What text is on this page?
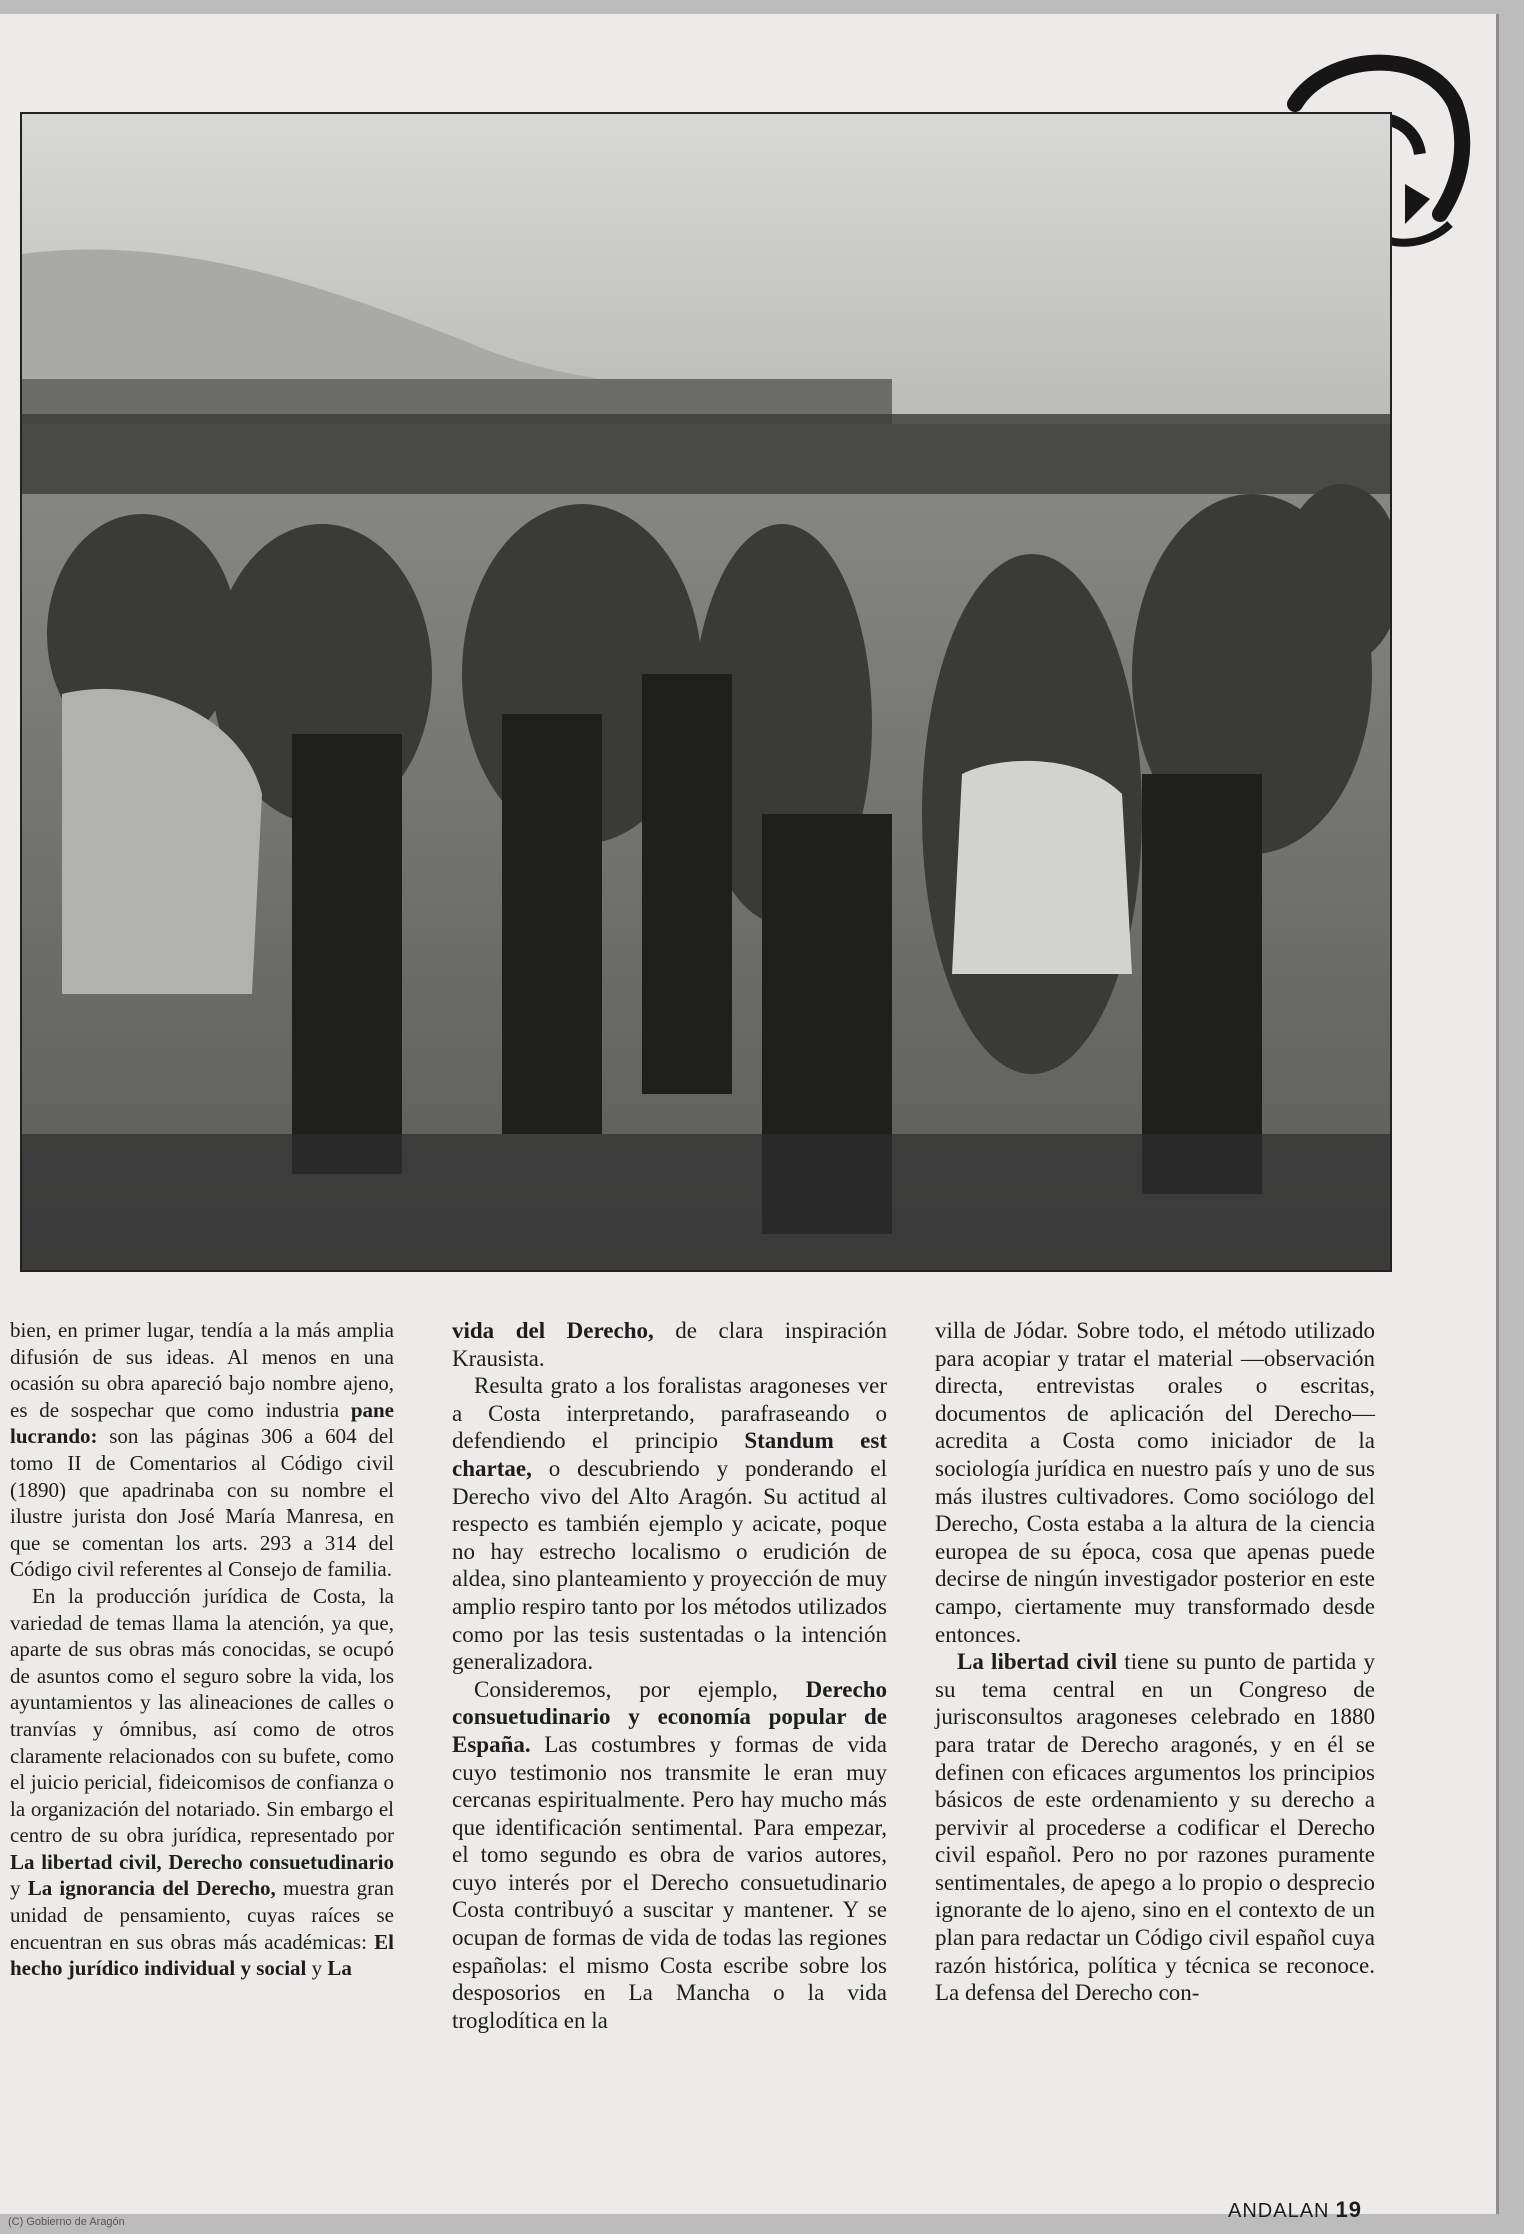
bien, en primer lugar, tendía a la más amplia difusión de sus ideas. Al menos en una ocasión su obra apareció bajo nombre ajeno, es de sospechar que como industria pane lucrando: son las páginas 306 a 604 del tomo II de Comentarios al Código civil (1890) que apadrinaba con su nombre el ilustre jurista don José María Manresa, en que se comentan los arts. 293 a 314 del Código civil referentes al Consejo de familia.

En la producción jurídica de Costa, la variedad de temas llama la atención, ya que, aparte de sus obras más conocidas, se ocupó de asuntos como el seguro sobre la vida, los ayuntamientos y las alineaciones de calles o tranvías y ómnibus, así como de otros claramente relacionados con su bufete, como el juicio pericial, fideicomisos de confianza o la organización del notariado. Sin embargo el centro de su obra jurídica, representado por La libertad civil, Derecho consuetudinario y La ignorancia del Derecho, muestra gran unidad de pensamiento, cuyas raíces se encuentran en sus obras más académicas: El hecho jurídico individual y social y La

vida del Derecho, de clara inspiración Krausista.

Resulta grato a los foralistas aragoneses ver a Costa interpretando, parafraseando o defendiendo el principio Standum est chartae, o descubriendo y ponderando el Derecho vivo del Alto Aragón. Su actitud al respecto es también ejemplo y acicate, poque no hay estrecho localismo o erudición de aldea, sino planteamiento y proyección de muy amplio respiro tanto por los métodos utilizados como por las tesis sustentadas o la intención generalizadora.

Consideremos, por ejemplo, Derecho consuetudinario y economía popular de España. Las costumbres y formas de vida cuyo testimonio nos transmite le eran muy cercanas espiritualmente. Pero hay mucho más que identificación sentimental. Para empezar, el tomo segundo es obra de varios autores, cuyo interés por el Derecho consuetudinario Costa contribuyó a suscitar y mantener. Y se ocupan de formas de vida de todas las regiones españolas: el mismo Costa escribe sobre los desposorios en La Mancha o la vida troglodítica en la

villa de Jódar. Sobre todo, el método utilizado para acopiar y tratar el material —observación directa, entrevistas orales o escritas, documentos de aplicación del Derecho— acredita a Costa como iniciador de la sociología jurídica en nuestro país y uno de sus más ilustres cultivadores. Como sociólogo del Derecho, Costa estaba a la altura de la ciencia europea de su época, cosa que apenas puede decirse de ningún investigador posterior en este campo, ciertamente muy transformado desde entonces.

La libertad civil tiene su punto de partida y su tema central en un Congreso de jurisconsultos aragoneses celebrado en 1880 para tratar de Derecho aragonés, y en él se definen con eficaces argumentos los principios básicos de este ordenamiento y su derecho a pervivir al procederse a codificar el Derecho civil español. Pero no por razones puramente sentimentales, de apego a lo propio o desprecio ignorante de lo ajeno, sino en el contexto de un plan para redactar un Código civil español cuya razón histórica, política y técnica se reconoce. La defensa del Derecho con-

ANDALAN 19
(C) Gobierno de Aragón
